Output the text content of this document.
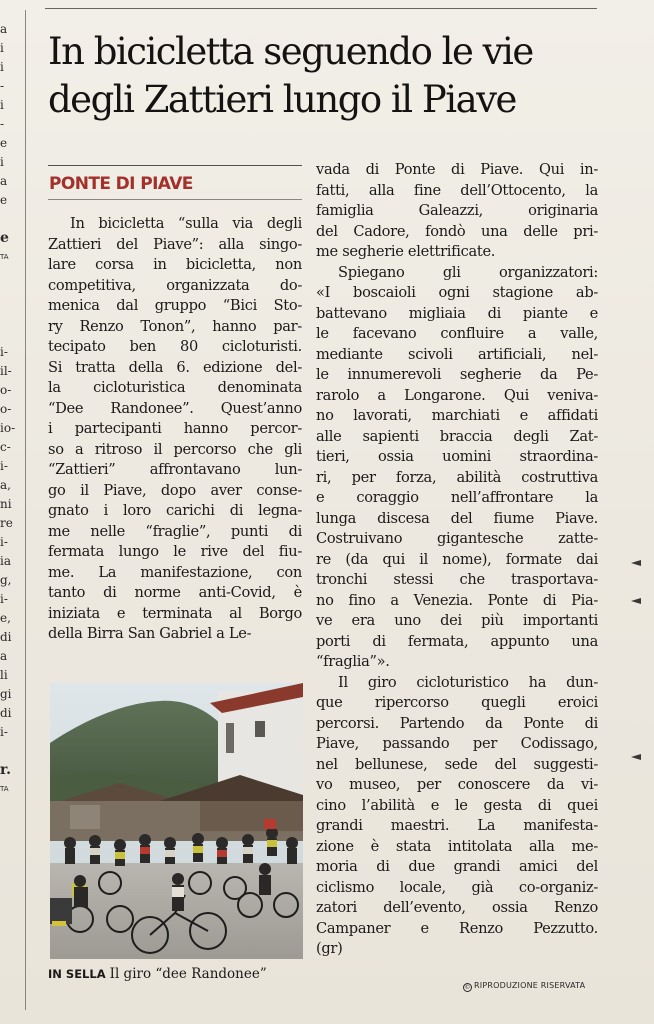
a
i
i
-
i
-
e
i
a
e

e
TA

i-
il-
o-
o-
io-
c-
i-
a,
ni
re
i-
ia
g,
i-
e,
di
a
li
gi
di
i-

r.
TA
In bicicletta seguendo le vie
degli Zattieri lungo il Piave
PONTE DI PIAVE
In bicicletta “sulla via degli
Zattieri del Piave”: alla singo-
lare corsa in bicicletta, non
competitiva, organizzata do-
menica dal gruppo “Bici Sto-
ry Renzo Tonon”, hanno par-
tecipato ben 80 cicloturisti.
Si tratta della 6. edizione del-
la cicloturistica denominata
“Dee Randonee”. Quest’anno
i partecipanti hanno percor-
so a ritroso il percorso che gli
“Zattieri” affrontavano lun-
go il Piave, dopo aver conse-
gnato i loro carichi di legna-
me nelle “fraglie”, punti di
fermata lungo le rive del fiu-
me. La manifestazione, con
tanto di norme anti-Covid, è
iniziata e terminata al Borgo
della Birra San Gabriel a Le-
IN SELLA Il giro “dee Randonee”
vada di Ponte di Piave. Qui in-
fatti, alla fine dell’Ottocento, la
famiglia Galeazzi, originaria
del Cadore, fondò una delle pri-
me segherie elettrificate.
Spiegano gli organizzatori:
«I boscaioli ogni stagione ab-
battevano migliaia di piante e
le facevano confluire a valle,
mediante scivoli artificiali, nel-
le innumerevoli segherie da Pe-
rarolo a Longarone. Qui veniva-
no lavorati, marchiati e affidati
alle sapienti braccia degli Zat-
tieri, ossia uomini straordina-
ri, per forza, abilità costruttiva
e coraggio nell’affrontare la
lunga discesa del fiume Piave.
Costruivano gigantesche zatte-
re (da qui il nome), formate dai
tronchi stessi che trasportava-
no fino a Venezia. Ponte di Pia-
ve era uno dei più importanti
porti di fermata, appunto una
“fraglia”».
Il giro cicloturistico ha dun-
que ripercorso quegli eroici
percorsi. Partendo da Ponte di
Piave, passando per Codissago,
nel bellunese, sede del suggesti-
vo museo, per conoscere da vi-
cino l’abilità e le gesta di quei
grandi maestri. La manifesta-
zione è stata intitolata alla me-
moria di due grandi amici del
ciclismo locale, già co-organiz-
zatori dell’evento, ossia Renzo
Campaner e Renzo Pezzutto.
(gr)
© RIPRODUZIONE RISERVATA
